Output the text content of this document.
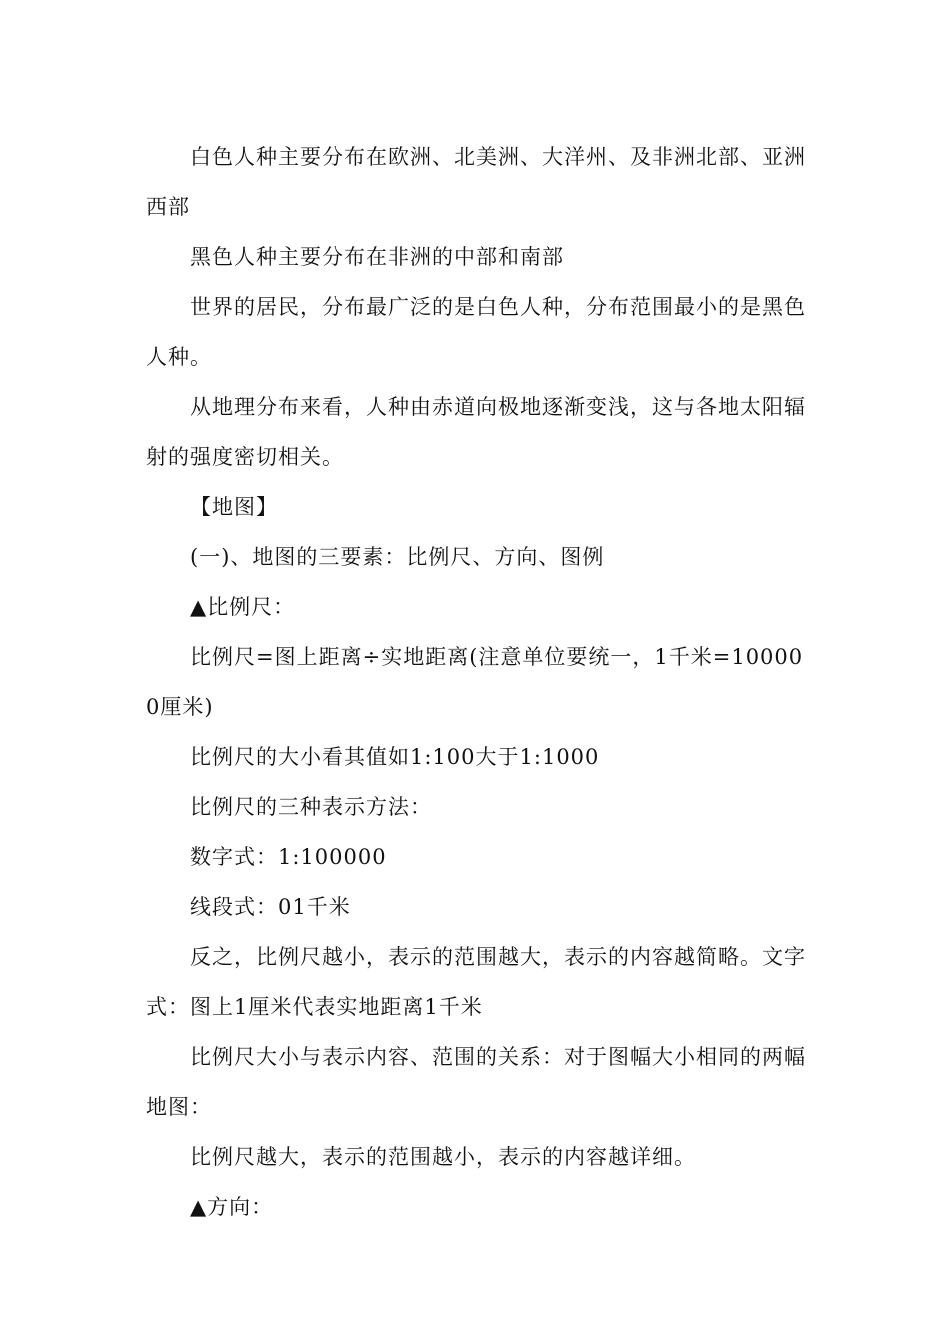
白色人种主要分布在欧洲、北美洲、大洋州、及非洲北部、亚洲西部

黑色人种主要分布在非洲的中部和南部

世界的居民，分布最广泛的是白色人种，分布范围最小的是黑色人种。

从地理分布来看，人种由赤道向极地逐渐变浅，这与各地太阳辐射的强度密切相关。

【地图】

(一)、地图的三要素：比例尺、方向、图例

▲比例尺：

比例尺=图上距离÷实地距离(注意单位要统一，1千米=100000厘米)

比例尺的大小看其值如1:100大于1:1000

比例尺的三种表示方法：

数字式：1:100000

线段式：01千米

反之，比例尺越小，表示的范围越大，表示的内容越简略。文字式：图上1厘米代表实地距离1千米

比例尺大小与表示内容、范围的关系：对于图幅大小相同的两幅地图：

比例尺越大，表示的范围越小，表示的内容越详细。

▲方向：
